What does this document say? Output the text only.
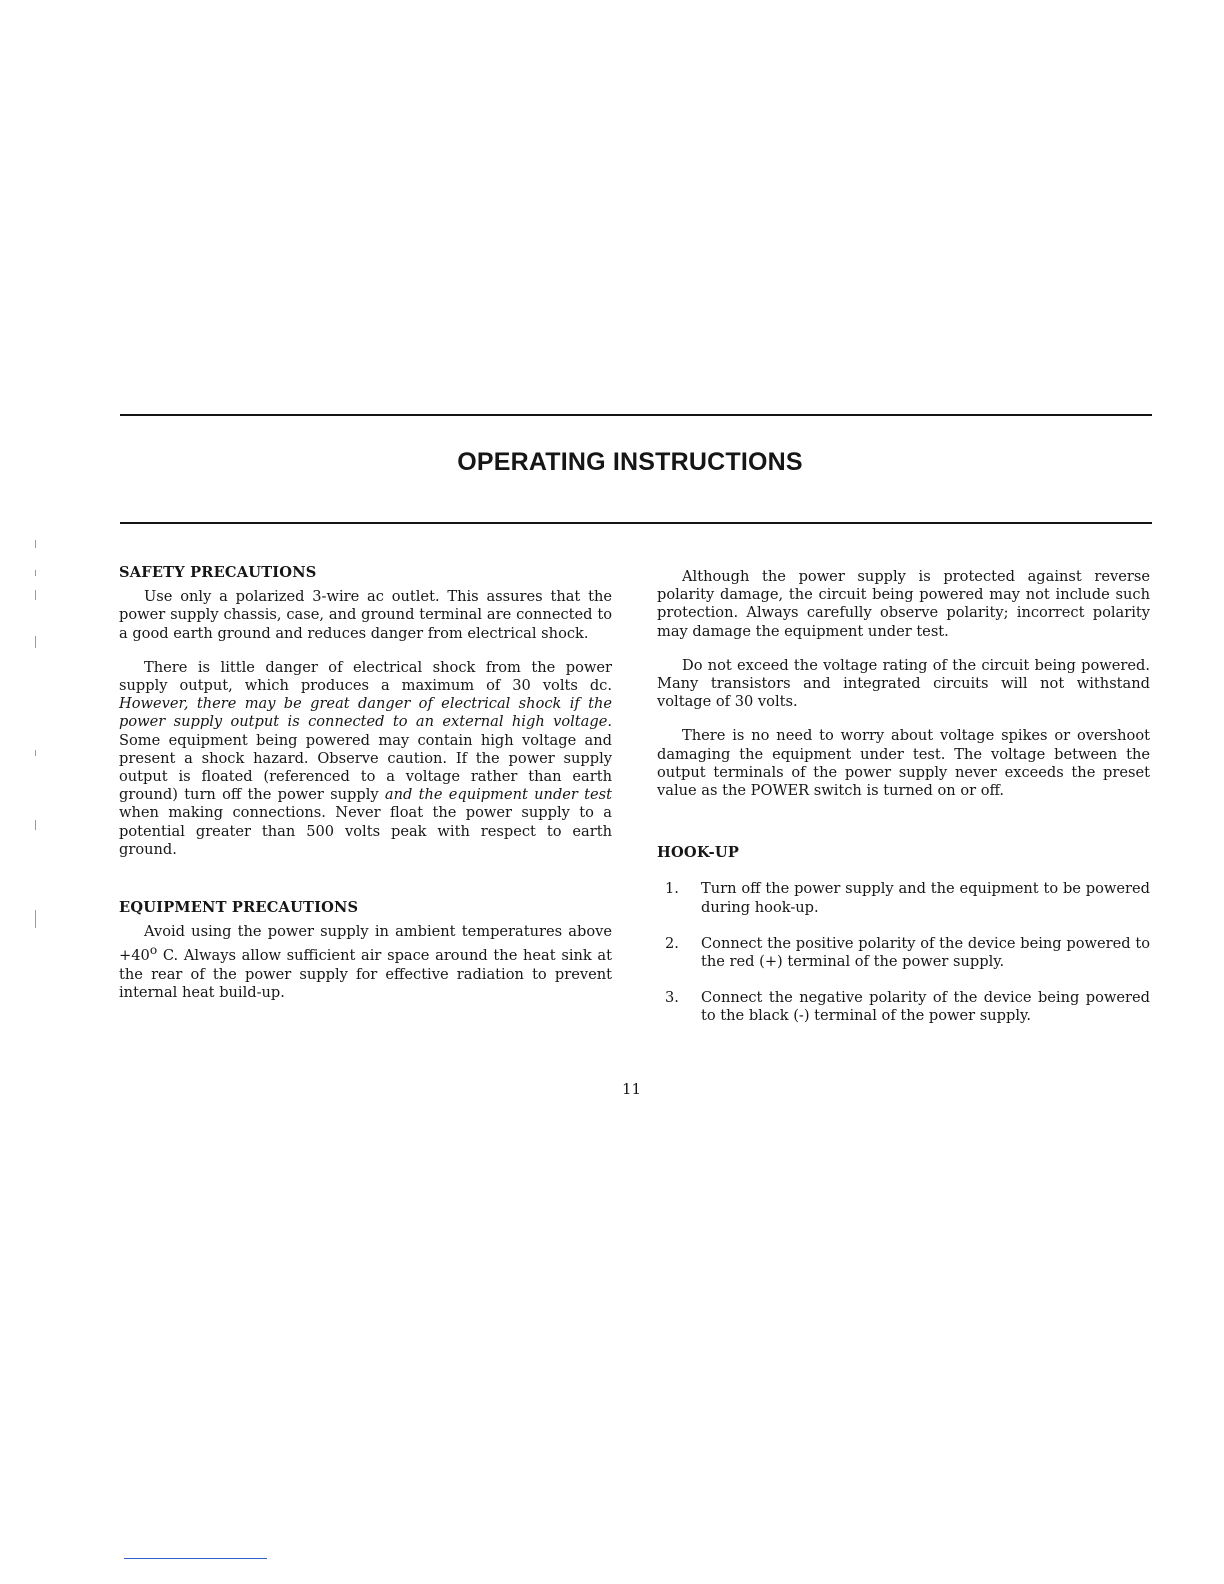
OPERATING INSTRUCTIONS
SAFETY PRECAUTIONS

Use only a polarized 3-wire ac outlet. This assures that the power supply chassis, case, and ground terminal are connected to a good earth ground and reduces danger from electrical shock.

There is little danger of electrical shock from the power supply output, which produces a maximum of 30 volts dc. However, there may be great danger of electrical shock if the power supply output is connected to an external high voltage. Some equipment being powered may contain high voltage and present a shock hazard. Observe caution. If the power supply output is floated (referenced to a voltage rather than earth ground) turn off the power supply and the equipment under test when making connections. Never float the power supply to a potential greater than 500 volts peak with respect to earth ground.

EQUIPMENT PRECAUTIONS

Avoid using the power supply in ambient temperatures above $+40^o$ C. Always allow sufficient air space around the heat sink at the rear of the power supply for effective radiation to prevent internal heat build-up.

Although the power supply is protected against reverse polarity damage, the circuit being powered may not include such protection. Always carefully observe polarity; incorrect polarity may damage the equipment under test.

Do not exceed the voltage rating of the circuit being powered. Many transistors and integrated circuits will not withstand voltage of 30 volts.

There is no need to worry about voltage spikes or overshoot damaging the equipment under test. The voltage between the output terminals of the power supply never exceeds the preset value as the POWER switch is turned on or off.

HOOK-UP
1.	Turn off the power supply and the equipment to be powered during hook-up.
2.	Connect the positive polarity of the device being powered to the red (+) terminal of the power supply.
3.	Connect the negative polarity of the device being powered to the black (-) terminal of the power supply.
11
